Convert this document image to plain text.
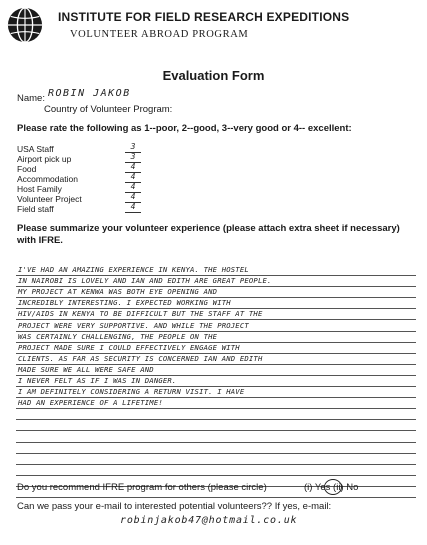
INSTITUTE FOR FIELD RESEARCH EXPEDITIONS
VOLUNTEER ABROAD PROGRAM
Evaluation Form
Name: ROBIN JAKOB
Country of Volunteer Program:
Please rate the following as 1--poor, 2--good, 3--very good or 4-- excellent:
USA Staff	3
Airport pick up	3
Food	4
Accommodation	4
Host Family	4
Volunteer Project	4
Field staff	4
Please summarize your volunteer experience (please attach extra sheet if necessary) with IFRE.
I'VE HAD AN AMAZING EXPERIENCE IN KENYA. THE HOSTEL
IN NAIROBI IS LOVELY AND IAN AND EDITH ARE GREAT PEOPLE.
MY PROJECT AT KENWA WAS BOTH EYE OPENING AND
INCREDIBLY INTERESTING. I EXPECTED WORKING WITH
HIV/AIDS IN KENYA TO BE DIFFICULT BUT THE STAFF AT THE
PROJECT WERE VERY SUPPORTIVE. AND WHILE THE PROJECT
WAS CERTAINLY CHALLENGING, THE PEOPLE ON THE
PROJECT MADE SURE I COULD EFFECTIVELY ENGAGE WITH
CLIENTS. AS FAR AS SECURITY IS CONCERNED IAN AND EDITH
MADE SURE WE ALL WERE SAFE AND
I NEVER FELT AS IF I WAS IN DANGER.
I AM DEFINITELY CONSIDERING A RETURN VISIT. I HAVE
HAD AN EXPERIENCE OF A LIFETIME!
Do you recommend IFRE program for others (please circle)	(i) Yes (ii) No
Can we pass your e-mail to interested potential volunteers?? If yes, e-mail:
robinjakob47@hotmail.co.uk
